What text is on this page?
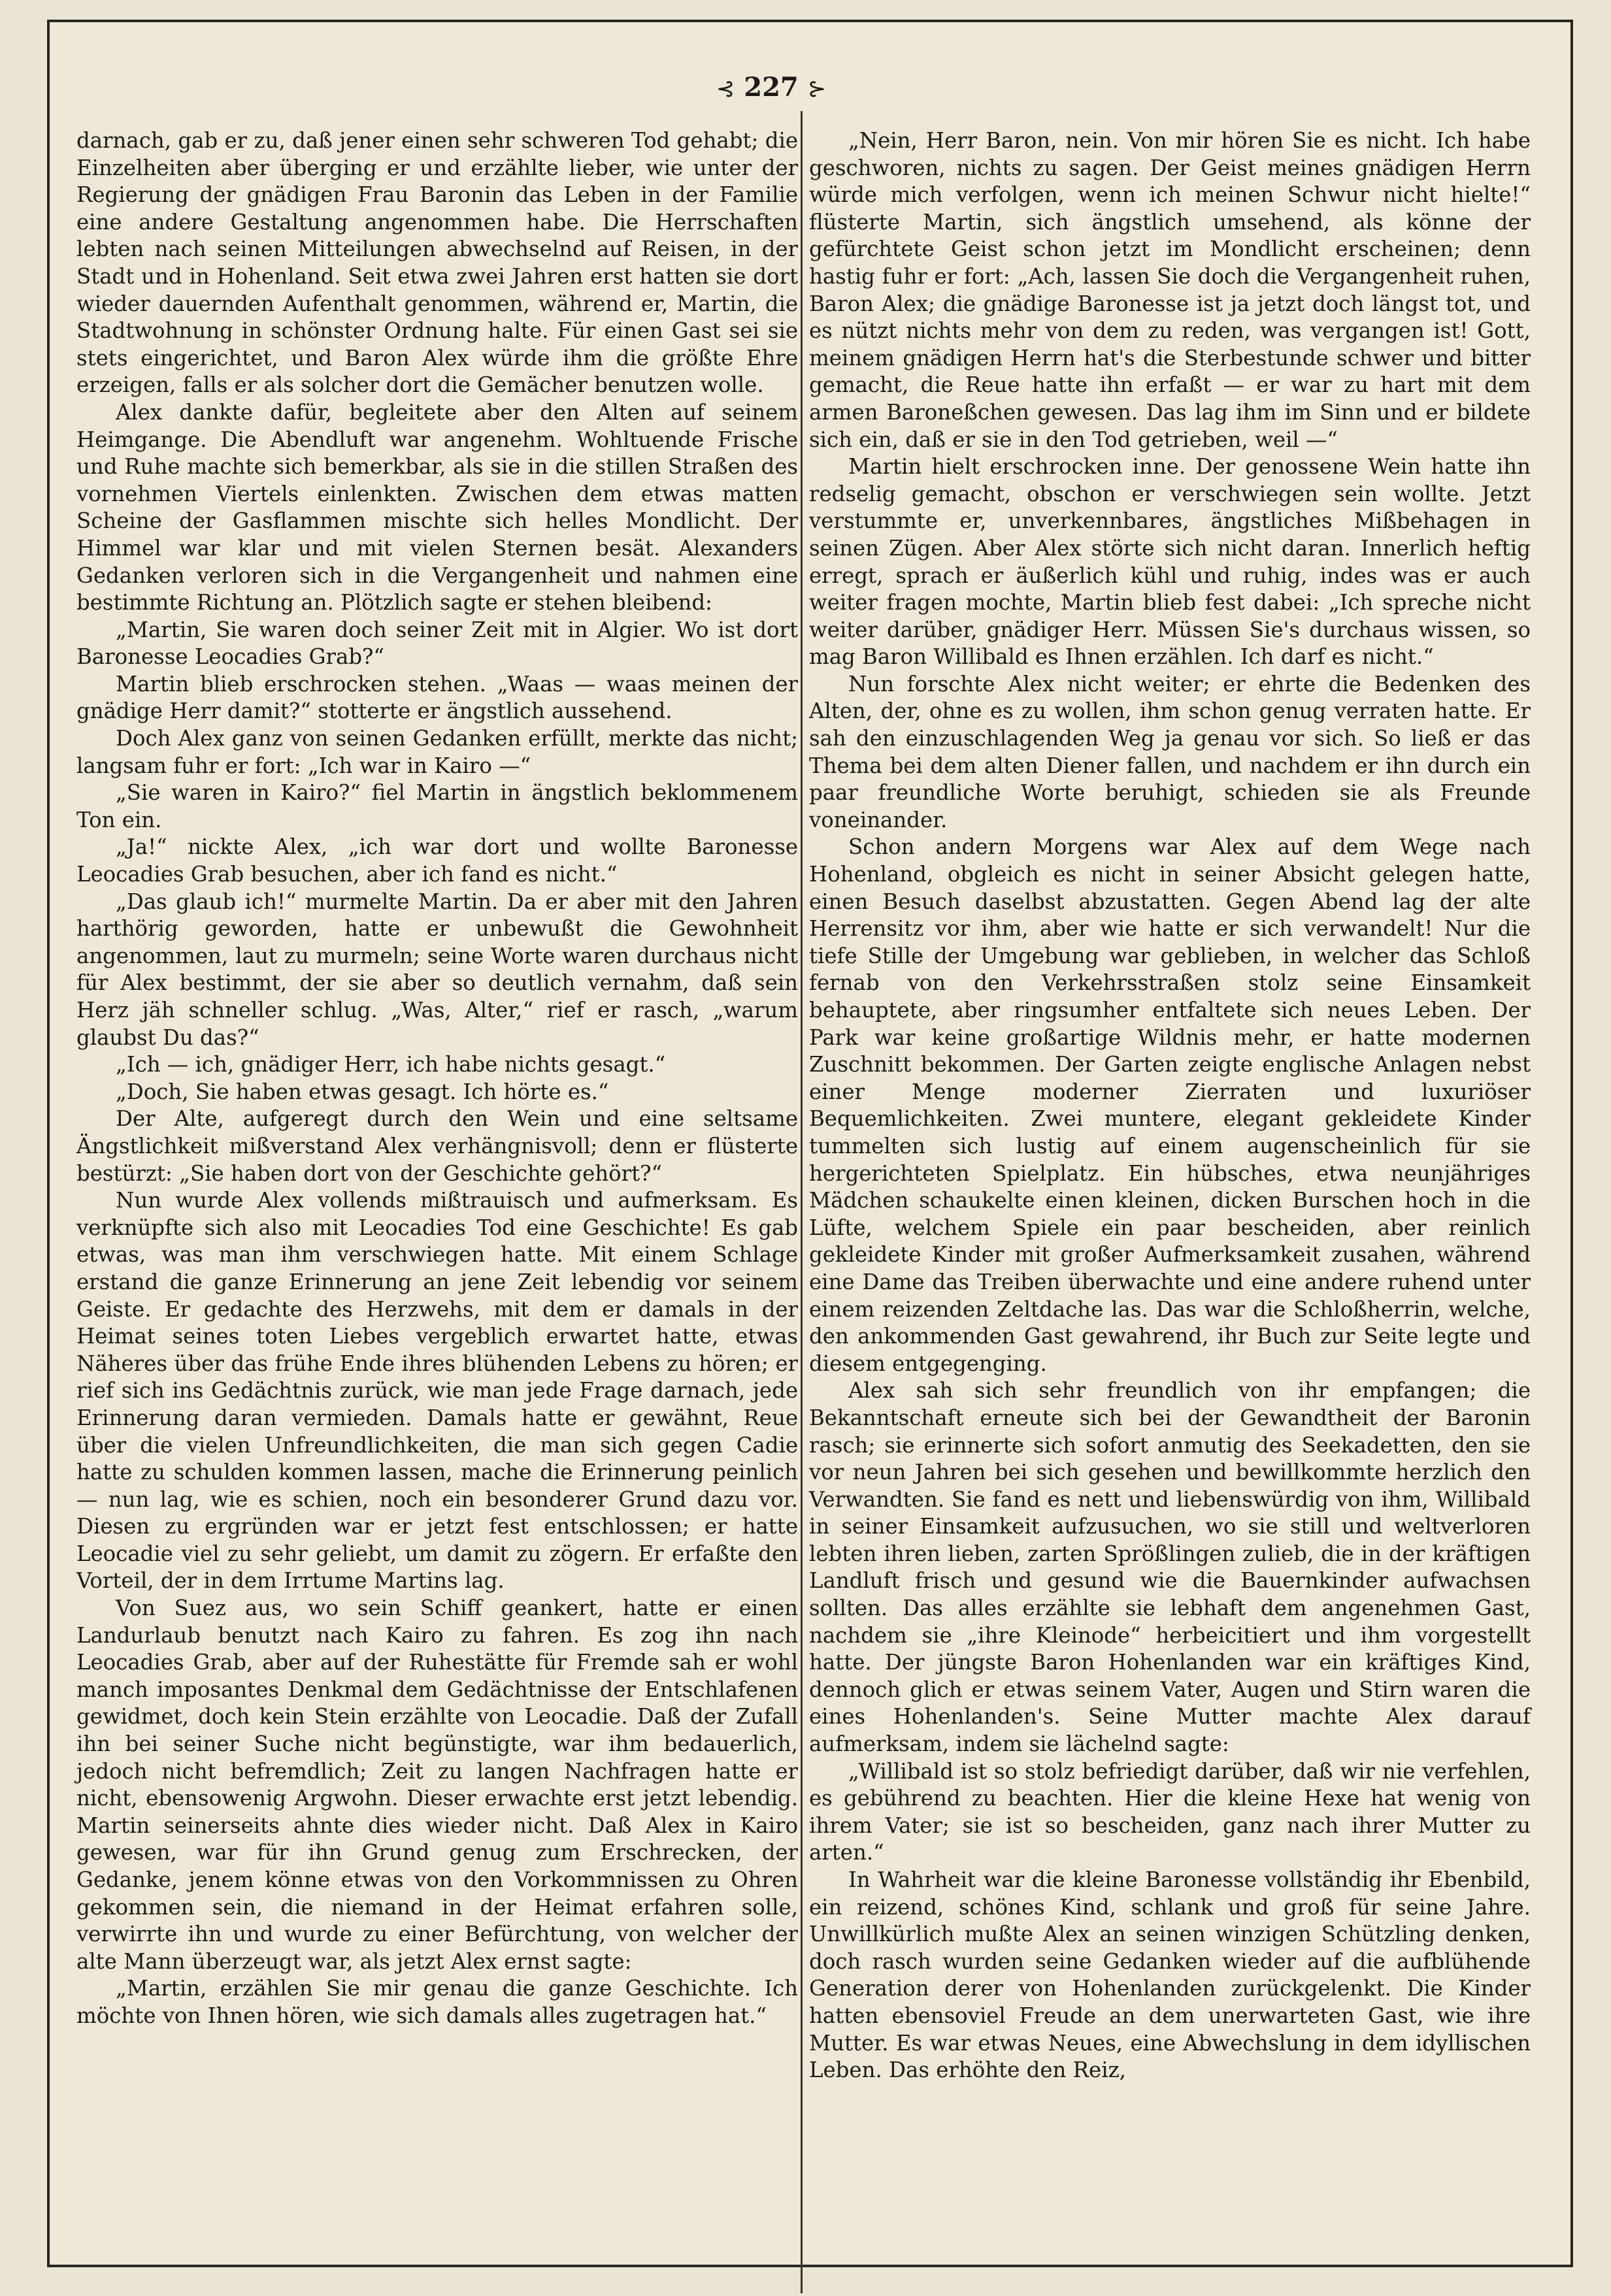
⊰ 227 ⊱

darnach, gab er zu, daß jener einen sehr schweren Tod gehabt; die Einzelheiten aber überging er und erzählte lieber, wie unter der Regierung der gnädigen Frau Baronin das Leben in der Familie eine andere Gestaltung angenommen habe. Die Herrschaften lebten nach seinen Mitteilungen abwechselnd auf Reisen, in der Stadt und in Hohenland. Seit etwa zwei Jahren erst hatten sie dort wieder dauernden Aufenthalt genommen, während er, Martin, die Stadtwohnung in schönster Ordnung halte. Für einen Gast sei sie stets eingerichtet, und Baron Alex würde ihm die größte Ehre erzeigen, falls er als solcher dort die Gemächer benutzen wolle.

Alex dankte dafür, begleitete aber den Alten auf seinem Heimgange. Die Abendluft war angenehm. Wohltuende Frische und Ruhe machte sich bemerkbar, als sie in die stillen Straßen des vornehmen Viertels einlenkten. Zwischen dem etwas matten Scheine der Gasflammen mischte sich helles Mondlicht. Der Himmel war klar und mit vielen Sternen besät. Alexanders Gedanken verloren sich in die Vergangenheit und nahmen eine bestimmte Richtung an. Plötzlich sagte er stehen bleibend:

„Martin, Sie waren doch seiner Zeit mit in Algier. Wo ist dort Baronesse Leocadies Grab?“

Martin blieb erschrocken stehen. „Waas — waas meinen der gnädige Herr damit?“ stotterte er ängstlich aussehend.

Doch Alex ganz von seinen Gedanken erfüllt, merkte das nicht; langsam fuhr er fort: „Ich war in Kairo —“

„Sie waren in Kairo?“ fiel Martin in ängstlich beklommenem Ton ein.

„Ja!“ nickte Alex, „ich war dort und wollte Baronesse Leocadies Grab besuchen, aber ich fand es nicht.“

„Das glaub ich!“ murmelte Martin. Da er aber mit den Jahren harthörig geworden, hatte er unbewußt die Gewohnheit angenommen, laut zu murmeln; seine Worte waren durchaus nicht für Alex bestimmt, der sie aber so deutlich vernahm, daß sein Herz jäh schneller schlug. „Was, Alter,“ rief er rasch, „warum glaubst Du das?“

„Ich — ich, gnädiger Herr, ich habe nichts gesagt.“

„Doch, Sie haben etwas gesagt. Ich hörte es.“

Der Alte, aufgeregt durch den Wein und eine seltsame Ängstlichkeit mißverstand Alex verhängnisvoll; denn er flüsterte bestürzt: „Sie haben dort von der Geschichte gehört?“

Nun wurde Alex vollends mißtrauisch und aufmerksam. Es verknüpfte sich also mit Leocadies Tod eine Geschichte! Es gab etwas, was man ihm verschwiegen hatte. Mit einem Schlage erstand die ganze Erinnerung an jene Zeit lebendig vor seinem Geiste. Er gedachte des Herzwehs, mit dem er damals in der Heimat seines toten Liebes vergeblich erwartet hatte, etwas Näheres über das frühe Ende ihres blühenden Lebens zu hören; er rief sich ins Gedächtnis zurück, wie man jede Frage darnach, jede Erinnerung daran vermieden. Damals hatte er gewähnt, Reue über die vielen Unfreundlichkeiten, die man sich gegen Cadie hatte zu schulden kommen lassen, mache die Erinnerung peinlich — nun lag, wie es schien, noch ein besonderer Grund dazu vor. Diesen zu ergründen war er jetzt fest entschlossen; er hatte Leocadie viel zu sehr geliebt, um damit zu zögern. Er erfaßte den Vorteil, der in dem Irrtume Martins lag.

Von Suez aus, wo sein Schiff geankert, hatte er einen Landurlaub benutzt nach Kairo zu fahren. Es zog ihn nach Leocadies Grab, aber auf der Ruhestätte für Fremde sah er wohl manch imposantes Denkmal dem Gedächtnisse der Entschlafenen gewidmet, doch kein Stein erzählte von Leocadie. Daß der Zufall ihn bei seiner Suche nicht begünstigte, war ihm bedauerlich, jedoch nicht befremdlich; Zeit zu langen Nachfragen hatte er nicht, ebensowenig Argwohn. Dieser erwachte erst jetzt lebendig. Martin seinerseits ahnte dies wieder nicht. Daß Alex in Kairo gewesen, war für ihn Grund genug zum Erschrecken, der Gedanke, jenem könne etwas von den Vorkommnissen zu Ohren gekommen sein, die niemand in der Heimat erfahren solle, verwirrte ihn und wurde zu einer Befürchtung, von welcher der alte Mann überzeugt war, als jetzt Alex ernst sagte:

„Martin, erzählen Sie mir genau die ganze Geschichte. Ich möchte von Ihnen hören, wie sich damals alles zugetragen hat.“

„Nein, Herr Baron, nein. Von mir hören Sie es nicht. Ich habe geschworen, nichts zu sagen. Der Geist meines gnädigen Herrn würde mich verfolgen, wenn ich meinen Schwur nicht hielte!“ flüsterte Martin, sich ängstlich umsehend, als könne der gefürchtete Geist schon jetzt im Mondlicht erscheinen; denn hastig fuhr er fort: „Ach, lassen Sie doch die Vergangenheit ruhen, Baron Alex; die gnädige Baronesse ist ja jetzt doch längst tot, und es nützt nichts mehr von dem zu reden, was vergangen ist! Gott, meinem gnädigen Herrn hat's die Sterbestunde schwer und bitter gemacht, die Reue hatte ihn erfaßt — er war zu hart mit dem armen Baroneßchen gewesen. Das lag ihm im Sinn und er bildete sich ein, daß er sie in den Tod getrieben, weil —“

Martin hielt erschrocken inne. Der genossene Wein hatte ihn redselig gemacht, obschon er verschwiegen sein wollte. Jetzt verstummte er, unverkennbares, ängstliches Mißbehagen in seinen Zügen. Aber Alex störte sich nicht daran. Innerlich heftig erregt, sprach er äußerlich kühl und ruhig, indes was er auch weiter fragen mochte, Martin blieb fest dabei: „Ich spreche nicht weiter darüber, gnädiger Herr. Müssen Sie's durchaus wissen, so mag Baron Willibald es Ihnen erzählen. Ich darf es nicht.“

Nun forschte Alex nicht weiter; er ehrte die Bedenken des Alten, der, ohne es zu wollen, ihm schon genug verraten hatte. Er sah den einzuschlagenden Weg ja genau vor sich. So ließ er das Thema bei dem alten Diener fallen, und nachdem er ihn durch ein paar freundliche Worte beruhigt, schieden sie als Freunde voneinander.

Schon andern Morgens war Alex auf dem Wege nach Hohenland, obgleich es nicht in seiner Absicht gelegen hatte, einen Besuch daselbst abzustatten. Gegen Abend lag der alte Herrensitz vor ihm, aber wie hatte er sich verwandelt! Nur die tiefe Stille der Umgebung war geblieben, in welcher das Schloß fernab von den Verkehrsstraßen stolz seine Einsamkeit behauptete, aber ringsumher entfaltete sich neues Leben. Der Park war keine großartige Wildnis mehr, er hatte modernen Zuschnitt bekommen. Der Garten zeigte englische Anlagen nebst einer Menge moderner Zierraten und luxuriöser Bequemlichkeiten. Zwei muntere, elegant gekleidete Kinder tummelten sich lustig auf einem augenscheinlich für sie hergerichteten Spielplatz. Ein hübsches, etwa neunjähriges Mädchen schaukelte einen kleinen, dicken Burschen hoch in die Lüfte, welchem Spiele ein paar bescheiden, aber reinlich gekleidete Kinder mit großer Aufmerksamkeit zusahen, während eine Dame das Treiben überwachte und eine andere ruhend unter einem reizenden Zeltdache las. Das war die Schloßherrin, welche, den ankommenden Gast gewahrend, ihr Buch zur Seite legte und diesem entgegenging.

Alex sah sich sehr freundlich von ihr empfangen; die Bekanntschaft erneute sich bei der Gewandtheit der Baronin rasch; sie erinnerte sich sofort anmutig des Seekadetten, den sie vor neun Jahren bei sich gesehen und bewillkommte herzlich den Verwandten. Sie fand es nett und liebenswürdig von ihm, Willibald in seiner Einsamkeit aufzusuchen, wo sie still und weltverloren lebten ihren lieben, zarten Sprößlingen zulieb, die in der kräftigen Landluft frisch und gesund wie die Bauernkinder aufwachsen sollten. Das alles erzählte sie lebhaft dem angenehmen Gast, nachdem sie „ihre Kleinode“ herbeicitiert und ihm vorgestellt hatte. Der jüngste Baron Hohenlanden war ein kräftiges Kind, dennoch glich er etwas seinem Vater, Augen und Stirn waren die eines Hohenlanden's. Seine Mutter machte Alex darauf aufmerksam, indem sie lächelnd sagte:

„Willibald ist so stolz befriedigt darüber, daß wir nie verfehlen, es gebührend zu beachten. Hier die kleine Hexe hat wenig von ihrem Vater; sie ist so bescheiden, ganz nach ihrer Mutter zu arten.“

In Wahrheit war die kleine Baronesse vollständig ihr Ebenbild, ein reizend, schönes Kind, schlank und groß für seine Jahre. Unwillkürlich mußte Alex an seinen winzigen Schützling denken, doch rasch wurden seine Gedanken wieder auf die aufblühende Generation derer von Hohenlanden zurückgelenkt. Die Kinder hatten ebensoviel Freude an dem unerwarteten Gast, wie ihre Mutter. Es war etwas Neues, eine Abwechslung in dem idyllischen Leben. Das erhöhte den Reiz,
